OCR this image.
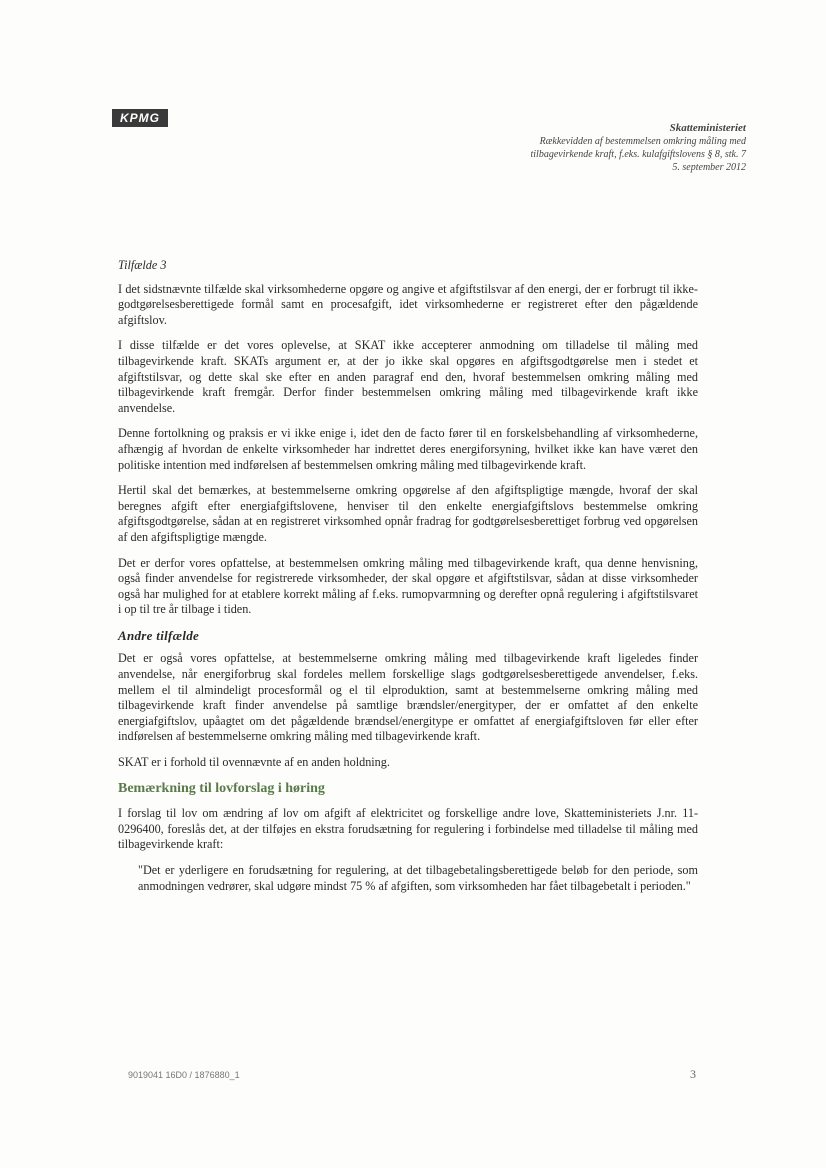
KPMG
Skatteministeriet
Rækkevidden af bestemmelsen omkring måling med
tilbagevirkende kraft, f.eks. kulafgiftslovens § 8, stk. 7
5. september 2012
Tilfælde 3

I det sidstnævnte tilfælde skal virksomhederne opgøre og angive et afgiftstilsvar af den energi, der er forbrugt til ikke-godtgørelsesberettigede formål samt en procesafgift, idet virksomhederne er registreret efter den pågældende afgiftslov.

I disse tilfælde er det vores oplevelse, at SKAT ikke accepterer anmodning om tilladelse til måling med tilbagevirkende kraft. SKATs argument er, at der jo ikke skal opgøres en afgiftsgodtgørelse men i stedet et afgiftstilsvar, og dette skal ske efter en anden paragraf end den, hvoraf bestemmelsen omkring måling med tilbagevirkende kraft fremgår. Derfor finder bestemmelsen omkring måling med tilbagevirkende kraft ikke anvendelse.

Denne fortolkning og praksis er vi ikke enige i, idet den de facto fører til en forskelsbehandling af virksomhederne, afhængig af hvordan de enkelte virksomheder har indrettet deres energiforsyning, hvilket ikke kan have været den politiske intention med indførelsen af bestemmelsen omkring måling med tilbagevirkende kraft.

Hertil skal det bemærkes, at bestemmelserne omkring opgørelse af den afgiftspligtige mængde, hvoraf der skal beregnes afgift efter energiafgiftslovene, henviser til den enkelte energiafgiftslovs bestemmelse omkring afgiftsgodtgørelse, sådan at en registreret virksomhed opnår fradrag for godtgørelsesberettiget forbrug ved opgørelsen af den afgiftspligtige mængde.

Det er derfor vores opfattelse, at bestemmelsen omkring måling med tilbagevirkende kraft, qua denne henvisning, også finder anvendelse for registrerede virksomheder, der skal opgøre et afgiftstilsvar, sådan at disse virksomheder også har mulighed for at etablere korrekt måling af f.eks. rumopvarmning og derefter opnå regulering i afgiftstilsvaret i op til tre år tilbage i tiden.

Andre tilfælde

Det er også vores opfattelse, at bestemmelserne omkring måling med tilbagevirkende kraft ligeledes finder anvendelse, når energiforbrug skal fordeles mellem forskellige slags godtgørelsesberettigede anvendelser, f.eks. mellem el til almindeligt procesformål og el til elproduktion, samt at bestemmelserne omkring måling med tilbagevirkende kraft finder anvendelse på samtlige brændsler/energityper, der er omfattet af den enkelte energiafgiftslov, upåagtet om det pågældende brændsel/energitype er omfattet af energiafgiftsloven før eller efter indførelsen af bestemmelserne omkring måling med tilbagevirkende kraft.

SKAT er i forhold til ovennævnte af en anden holdning.

Bemærkning til lovforslag i høring

I forslag til lov om ændring af lov om afgift af elektricitet og forskellige andre love, Skatteministeriets J.nr. 11-0296400, foreslås det, at der tilføjes en ekstra forudsætning for regulering i forbindelse med tilladelse til måling med tilbagevirkende kraft:

"Det er yderligere en forudsætning for regulering, at det tilbagebetalingsberettigede beløb for den periode, som anmodningen vedrører, skal udgøre mindst 75 % af afgiften, som virksomheden har fået tilbagebetalt i perioden."

9019041 16D0 / 1876880_1	3
